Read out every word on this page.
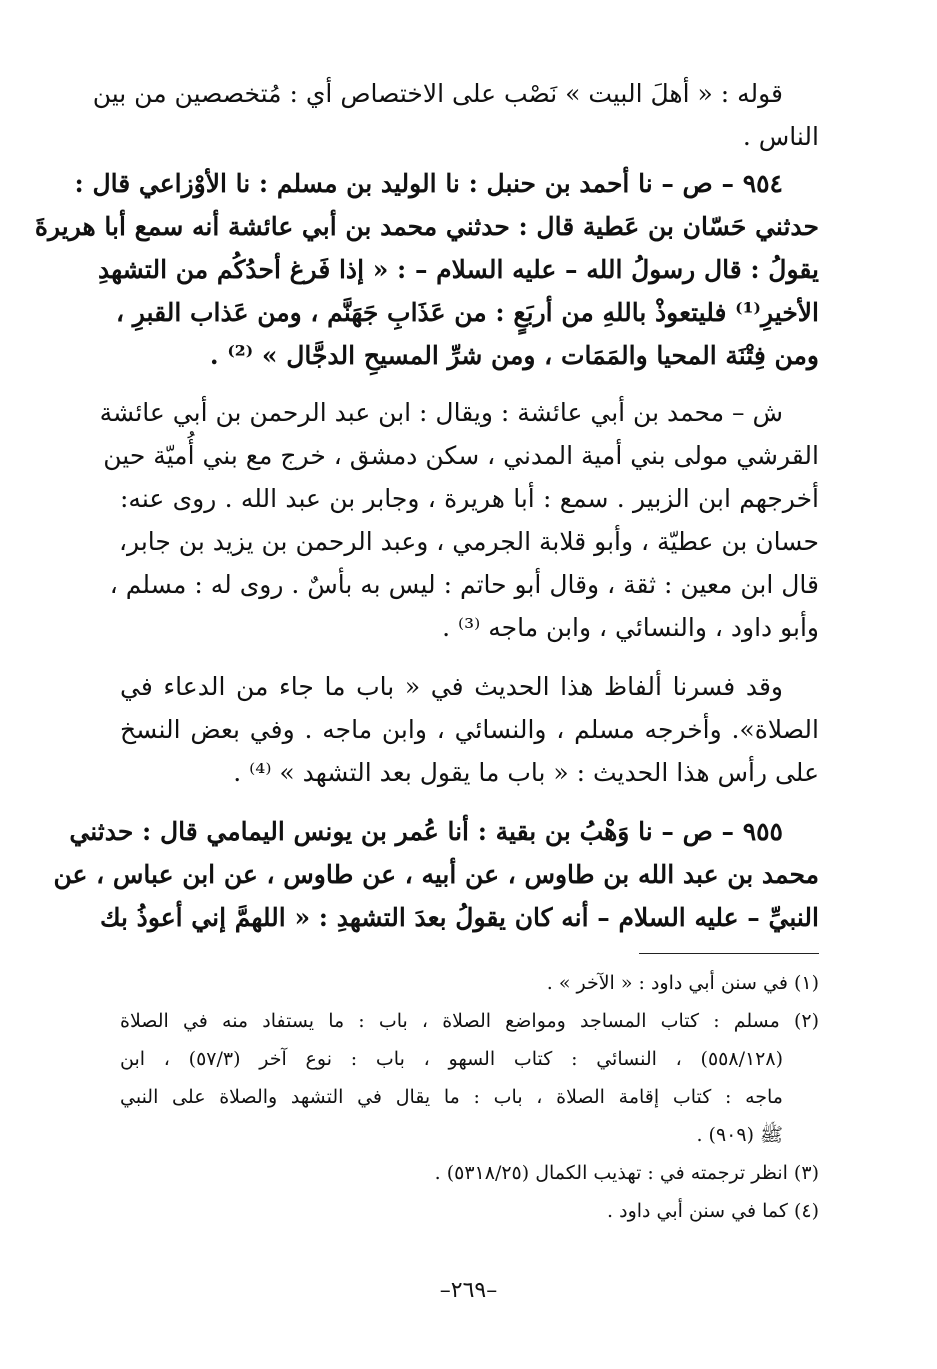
قوله : « أهلَ البيت » نَصْب على الاختصاص أي : مُتخصصين من بين
الناس .
٩٥٤ – ص – نا أحمد بن حنبل : نا الوليد بن مسلم : نا الأوْزاعي قال :
حدثني حَسّان بن عَطية قال : حدثني محمد بن أبي عائشة أنه سمع أبا هريرةَ
يقولُ : قال رسولُ الله – عليه السلام – : « إذا فَرغ أحدُكُم من التشهدِ
الأخيرِ⁽¹⁾ فليتعوذْ باللهِ من أربَعٍ : من عَذَابِ جَهَنَّم ، ومن عَذاب القبرِ ،
ومن فِتْنَة المحيا والمَمَات ، ومن شرِّ المسيحِ الدجَّال » ⁽²⁾ .
ش – محمد بن أبي عائشة : ويقال : ابن عبد الرحمن بن أبي عائشة
القرشي مولى بني أمية المدني ، سكن دمشق ، خرج مع بني أُميّة حين
أخرجهم ابن الزبير . سمع : أبا هريرة ، وجابر بن عبد الله . روى عنه:
حسان بن عطيّة ، وأبو قلابة الجرمي ، وعبد الرحمن بن يزيد بن جابر،
قال ابن معين : ثقة ، وقال أبو حاتم : ليس به بأسٌ . روى له : مسلم ،
وأبو داود ، والنسائي ، وابن ماجه ⁽³⁾ .
وقد فسرنا ألفاظ هذا الحديث في « باب ما جاء من الدعاء في
الصلاة». وأخرجه مسلم ، والنسائي ، وابن ماجه . وفي بعض النسخ
على رأس هذا الحديث : « باب ما يقول بعد التشهد » ⁽⁴⁾ .
٩٥٥ – ص – نا وَهْبُ بن بقية : أنا عُمر بن يونس اليمامي قال : حدثني
محمد بن عبد الله بن طاوس ، عن أبيه ، عن طاوس ، عن ابن عباس ، عن
النبيِّ – عليه السلام – أنه كان يقولُ بعدَ التشهدِ : « اللهمَّ إني أعوذُ بك
(١) في سنن أبي داود : « الآخر » .
(٢) مسلم : كتاب المساجد ومواضع الصلاة ، باب : ما يستفاد منه في الصلاة
(٥٥٨/١٢٨) ، النسائي : كتاب السهو ، باب : نوع آخر (٥٧/٣) ، ابن
ماجه : كتاب إقامة الصلاة ، باب : ما يقال في التشهد والصلاة على النبي
ﷺ (٩٠٩) .
(٣) انظر ترجمته في : تهذيب الكمال (٥٣١٨/٢٥) .
(٤) كما في سنن أبي داود .
–٢٦٩–
